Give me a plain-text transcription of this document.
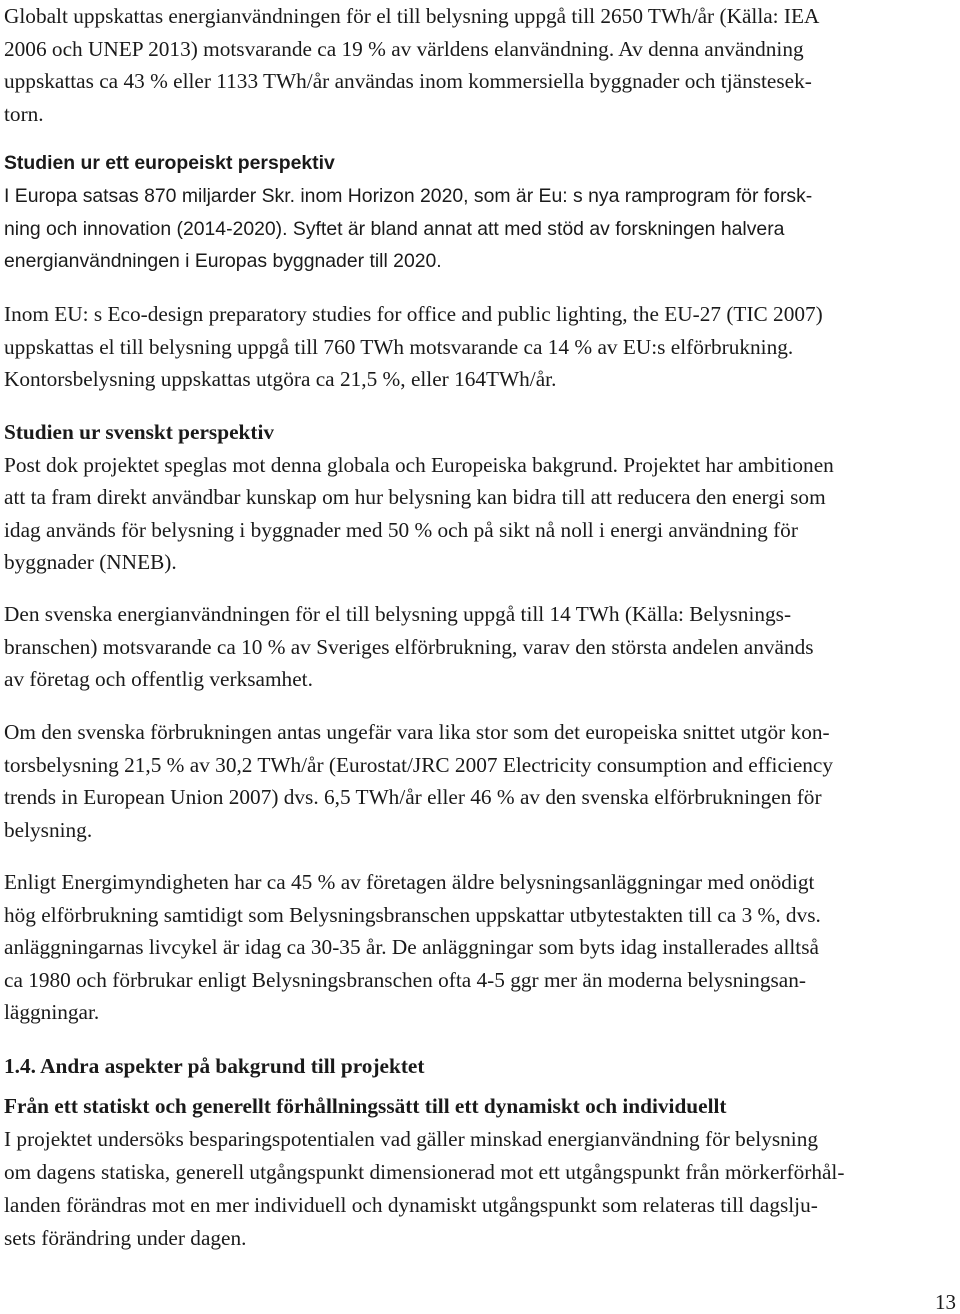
Globalt uppskattas energianvändningen för el till belysning uppgå till 2650 TWh/år (Källa: IEA
2006 och UNEP 2013) motsvarande ca 19 % av världens elanvändning. Av denna användning
uppskattas ca 43 % eller 1133 TWh/år användas inom kommersiella byggnader och tjänstesek-
torn.
Studien ur ett europeiskt perspektiv
I Europa satsas 870 miljarder Skr. inom Horizon 2020, som är Eu: s nya ramprogram för forsk-
ning och innovation (2014-2020). Syftet är bland annat att med stöd av forskningen halvera
energianvändningen i Europas byggnader till 2020.
Inom EU: s Eco-design preparatory studies for office and public lighting, the EU-27 (TIC 2007)
uppskattas el till belysning uppgå till 760 TWh motsvarande ca 14 % av EU:s elförbrukning.
Kontorsbelysning uppskattas utgöra ca 21,5 %, eller 164TWh/år.
Studien ur svenskt perspektiv
Post dok projektet speglas mot denna globala och Europeiska bakgrund. Projektet har ambitionen
att ta fram direkt användbar kunskap om hur belysning kan bidra till att reducera den energi som
idag används för belysning i byggnader med 50 % och på sikt nå noll i energi användning för
byggnader (NNEB).
Den svenska energianvändningen för el till belysning uppgå till 14 TWh (Källa: Belysnings-
branschen) motsvarande ca 10 % av Sveriges elförbrukning, varav den största andelen används
av företag och offentlig verksamhet.
Om den svenska förbrukningen antas ungefär vara lika stor som det europeiska snittet utgör kon-
torsbelysning 21,5 % av 30,2 TWh/år (Eurostat/JRC 2007 Electricity consumption and efficiency
trends in European Union 2007) dvs. 6,5 TWh/år eller 46 % av den svenska elförbrukningen för
belysning.
Enligt Energimyndigheten har ca 45 % av företagen äldre belysningsanläggningar med onödigt
hög elförbrukning samtidigt som Belysningsbranschen uppskattar utbytestakten till ca 3 %, dvs.
anläggningarnas livcykel är idag ca 30-35 år. De anläggningar som byts idag installerades alltså
ca 1980 och förbrukar enligt Belysningsbranschen ofta 4-5 ggr mer än moderna belysningsan-
läggningar.
1.4. Andra aspekter på bakgrund till projektet
Från ett statiskt och generellt förhållningssätt till ett dynamiskt och individuellt
I projektet undersöks besparingspotentialen vad gäller minskad energianvändning för belysning
om dagens statiska, generell utgångspunkt dimensionerad mot ett utgångspunkt från mörkerförhål-
landen förändras mot en mer individuell och dynamiskt utgångspunkt som relateras till dagslju-
sets förändring under dagen.
13
